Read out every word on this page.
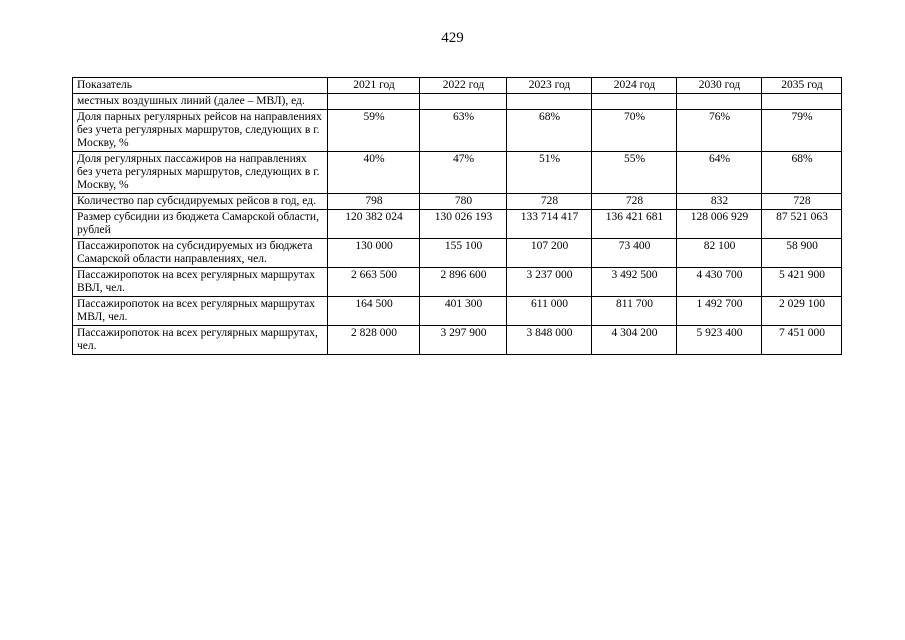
429
Показатель	2021 год	2022 год	2023 год	2024 год	2030 год	2035 год
местных воздушных линий (далее – МВЛ), ед.						
Доля парных регулярных рейсов на направлениях без учета регулярных маршрутов, следующих в г. Москву, %	59%	63%	68%	70%	76%	79%
Доля регулярных пассажиров на направлениях без учета регулярных маршрутов, следующих в г. Москву, %	40%	47%	51%	55%	64%	68%
Количество пар субсидируемых рейсов в год, ед.	798	780	728	728	832	728
Размер субсидии из бюджета Самарской области, рублей	120 382 024	130 026 193	133 714 417	136 421 681	128 006 929	87 521 063
Пассажиропоток на субсидируемых из бюджета Самарской области направлениях, чел.	130 000	155 100	107 200	73 400	82 100	58 900
Пассажиропоток на всех регулярных маршрутах ВВЛ, чел.	2 663 500	2 896 600	3 237 000	3 492 500	4 430 700	5 421 900
Пассажиропоток на всех регулярных маршрутах МВЛ, чел.	164 500	401 300	611 000	811 700	1 492 700	2 029 100
Пассажиропоток на всех регулярных маршрутах, чел.	2 828 000	3 297 900	3 848 000	4 304 200	5 923 400	7 451 000
